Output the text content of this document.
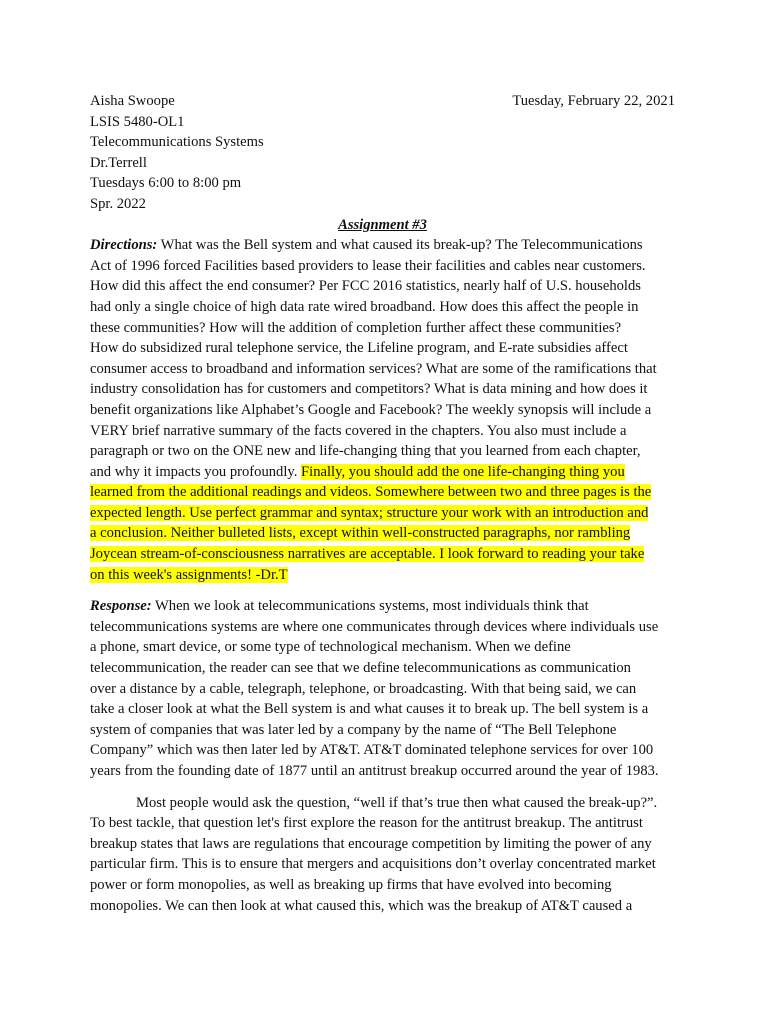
Aisha Swoope	Tuesday, February 22, 2021
LSIS 5480-OL1
Telecommunications Systems
Dr.Terrell
Tuesdays 6:00 to 8:00 pm
Spr. 2022
Assignment #3
Directions: What was the Bell system and what caused its break-up? The Telecommunications
Act of 1996 forced Facilities based providers to lease their facilities and cables near customers.
How did this affect the end consumer? Per FCC 2016 statistics, nearly half of U.S. households
had only a single choice of high data rate wired broadband. How does this affect the people in
these communities? How will the addition of completion further affect these communities?
How do subsidized rural telephone service, the Lifeline program, and E-rate subsidies affect
consumer access to broadband and information services? What are some of the ramifications that
industry consolidation has for customers and competitors? What is data mining and how does it
benefit organizations like Alphabet’s Google and Facebook? The weekly synopsis will include a
VERY brief narrative summary of the facts covered in the chapters. You also must include a
paragraph or two on the ONE new and life-changing thing that you learned from each chapter,
and why it impacts you profoundly. Finally, you should add the one life-changing thing you
learned from the additional readings and videos. Somewhere between two and three pages is the
expected length. Use perfect grammar and syntax; structure your work with an introduction and
a conclusion. Neither bulleted lists, except within well-constructed paragraphs, nor rambling
Joycean stream-of-consciousness narratives are acceptable. I look forward to reading your take
on this week's assignments! -Dr.T
Response: When we look at telecommunications systems, most individuals think that
telecommunications systems are where one communicates through devices where individuals use
a phone, smart device, or some type of technological mechanism. When we define
telecommunication, the reader can see that we define telecommunications as communication
over a distance by a cable, telegraph, telephone, or broadcasting. With that being said, we can
take a closer look at what the Bell system is and what causes it to break up. The bell system is a
system of companies that was later led by a company by the name of “The Bell Telephone
Company” which was then later led by AT&T. AT&T dominated telephone services for over 100
years from the founding date of 1877 until an antitrust breakup occurred around the year of 1983.
Most people would ask the question, “well if that’s true then what caused the break-up?”.
To best tackle, that question let's first explore the reason for the antitrust breakup. The antitrust
breakup states that laws are regulations that encourage competition by limiting the power of any
particular firm. This is to ensure that mergers and acquisitions don’t overlay concentrated market
power or form monopolies, as well as breaking up firms that have evolved into becoming
monopolies. We can then look at what caused this, which was the breakup of AT&T caused a
